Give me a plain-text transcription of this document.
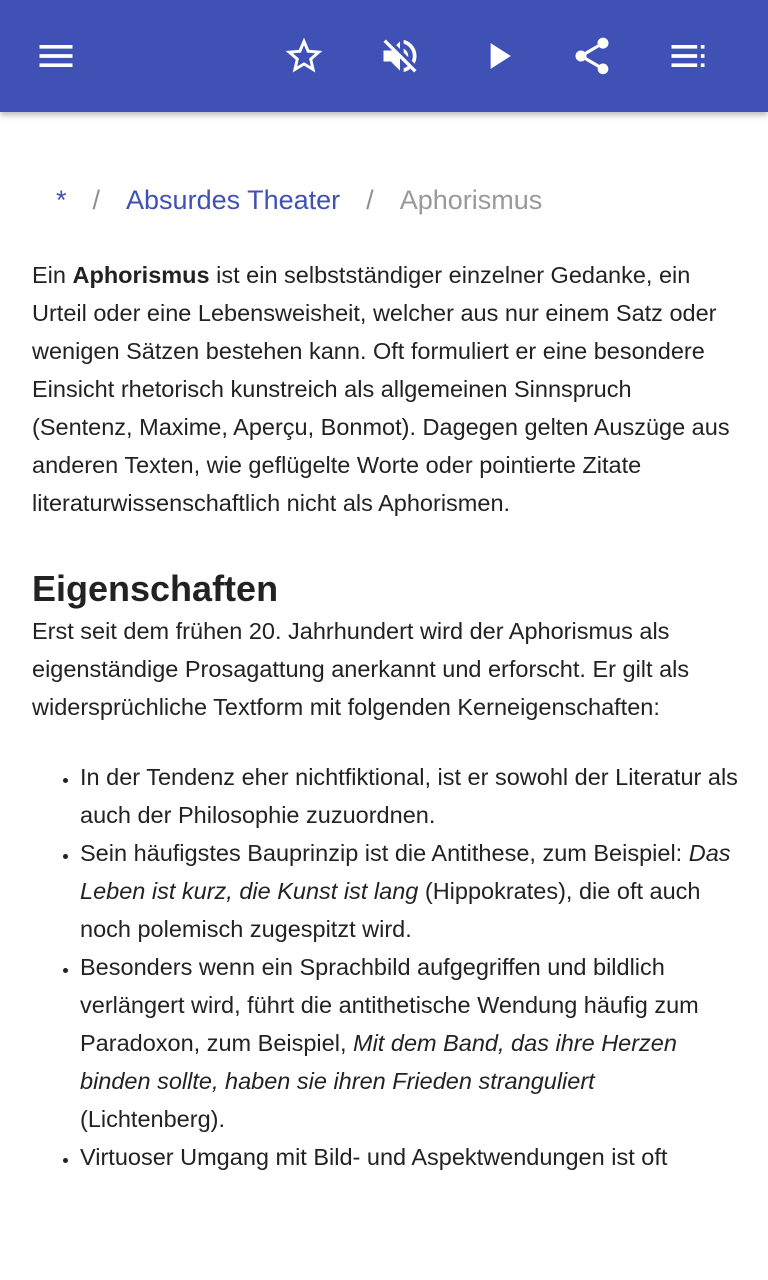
* / Absurdes Theater / Aphorismus

Ein Aphorismus ist ein selbstständiger einzelner Gedanke, ein Urteil oder eine Lebensweisheit, welcher aus nur einem Satz oder wenigen Sätzen bestehen kann. Oft formuliert er eine besondere Einsicht rhetorisch kunstreich als allgemeinen Sinnspruch (Sentenz, Maxime, Aperçu, Bonmot). Dagegen gelten Auszüge aus anderen Texten, wie geflügelte Worte oder pointierte Zitate literaturwissenschaftlich nicht als Aphorismen.

Eigenschaften

Erst seit dem frühen 20. Jahrhundert wird der Aphorismus als eigenständige Prosagattung anerkannt und erforscht. Er gilt als widersprüchliche Textform mit folgenden Kerneigenschaften:

• In der Tendenz eher nichtfiktional, ist er sowohl der Literatur als auch der Philosophie zuzuordnen.
• Sein häufigstes Bauprinzip ist die Antithese, zum Beispiel: Das Leben ist kurz, die Kunst ist lang (Hippokrates), die oft auch noch polemisch zugespitzt wird.
• Besonders wenn ein Sprachbild aufgegriffen und bildlich verlängert wird, führt die antithetische Wendung häufig zum Paradoxon, zum Beispiel, Mit dem Band, das ihre Herzen binden sollte, haben sie ihren Frieden stranguliert (Lichtenberg).
• Virtuoser Umgang mit Bild- und Aspektwendungen ist oft
